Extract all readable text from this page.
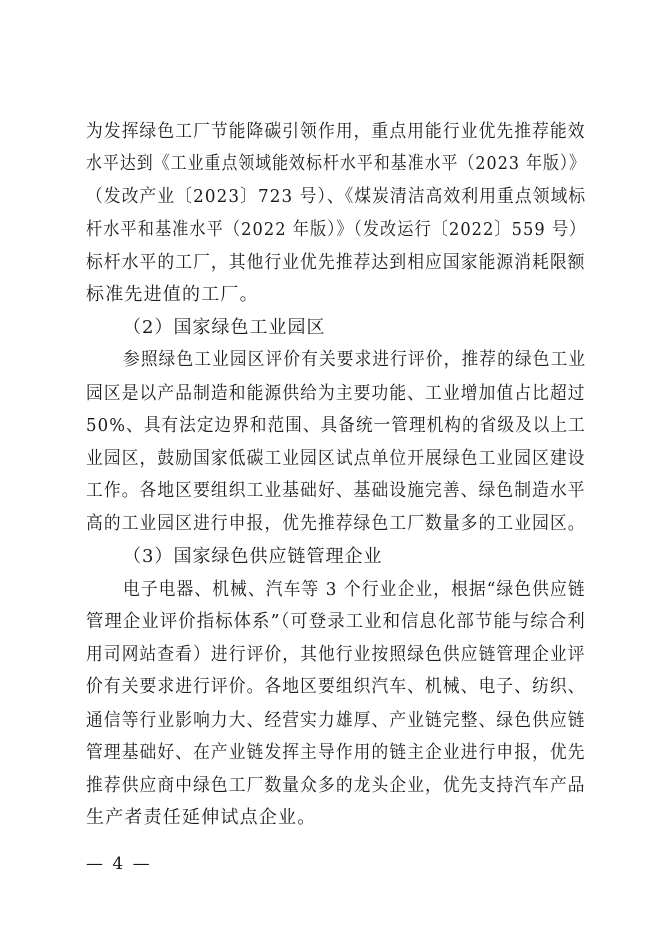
为发挥绿色工厂节能降碳引领作用，重点用能行业优先推荐能效
水平达到《工业重点领域能效标杆水平和基准水平（2023 年版）》
（发改产业〔2023〕723 号）、《煤炭清洁高效利用重点领域标
杆水平和基准水平（2022 年版）》（发改运行〔2022〕559 号）
标杆水平的工厂，其他行业优先推荐达到相应国家能源消耗限额
标准先进值的工厂。
（2）国家绿色工业园区
参照绿色工业园区评价有关要求进行评价，推荐的绿色工业
园区是以产品制造和能源供给为主要功能、工业增加值占比超过
50%、具有法定边界和范围、具备统一管理机构的省级及以上工
业园区，鼓励国家低碳工业园区试点单位开展绿色工业园区建设
工作。各地区要组织工业基础好、基础设施完善、绿色制造水平
高的工业园区进行申报，优先推荐绿色工厂数量多的工业园区。
（3）国家绿色供应链管理企业
电子电器、机械、汽车等 3 个行业企业，根据“绿色供应链
管理企业评价指标体系”（可登录工业和信息化部节能与综合利
用司网站查看）进行评价，其他行业按照绿色供应链管理企业评
价有关要求进行评价。各地区要组织汽车、机械、电子、纺织、
通信等行业影响力大、经营实力雄厚、产业链完整、绿色供应链
管理基础好、在产业链发挥主导作用的链主企业进行申报，优先
推荐供应商中绿色工厂数量众多的龙头企业，优先支持汽车产品
生产者责任延伸试点企业。
— 4 —
